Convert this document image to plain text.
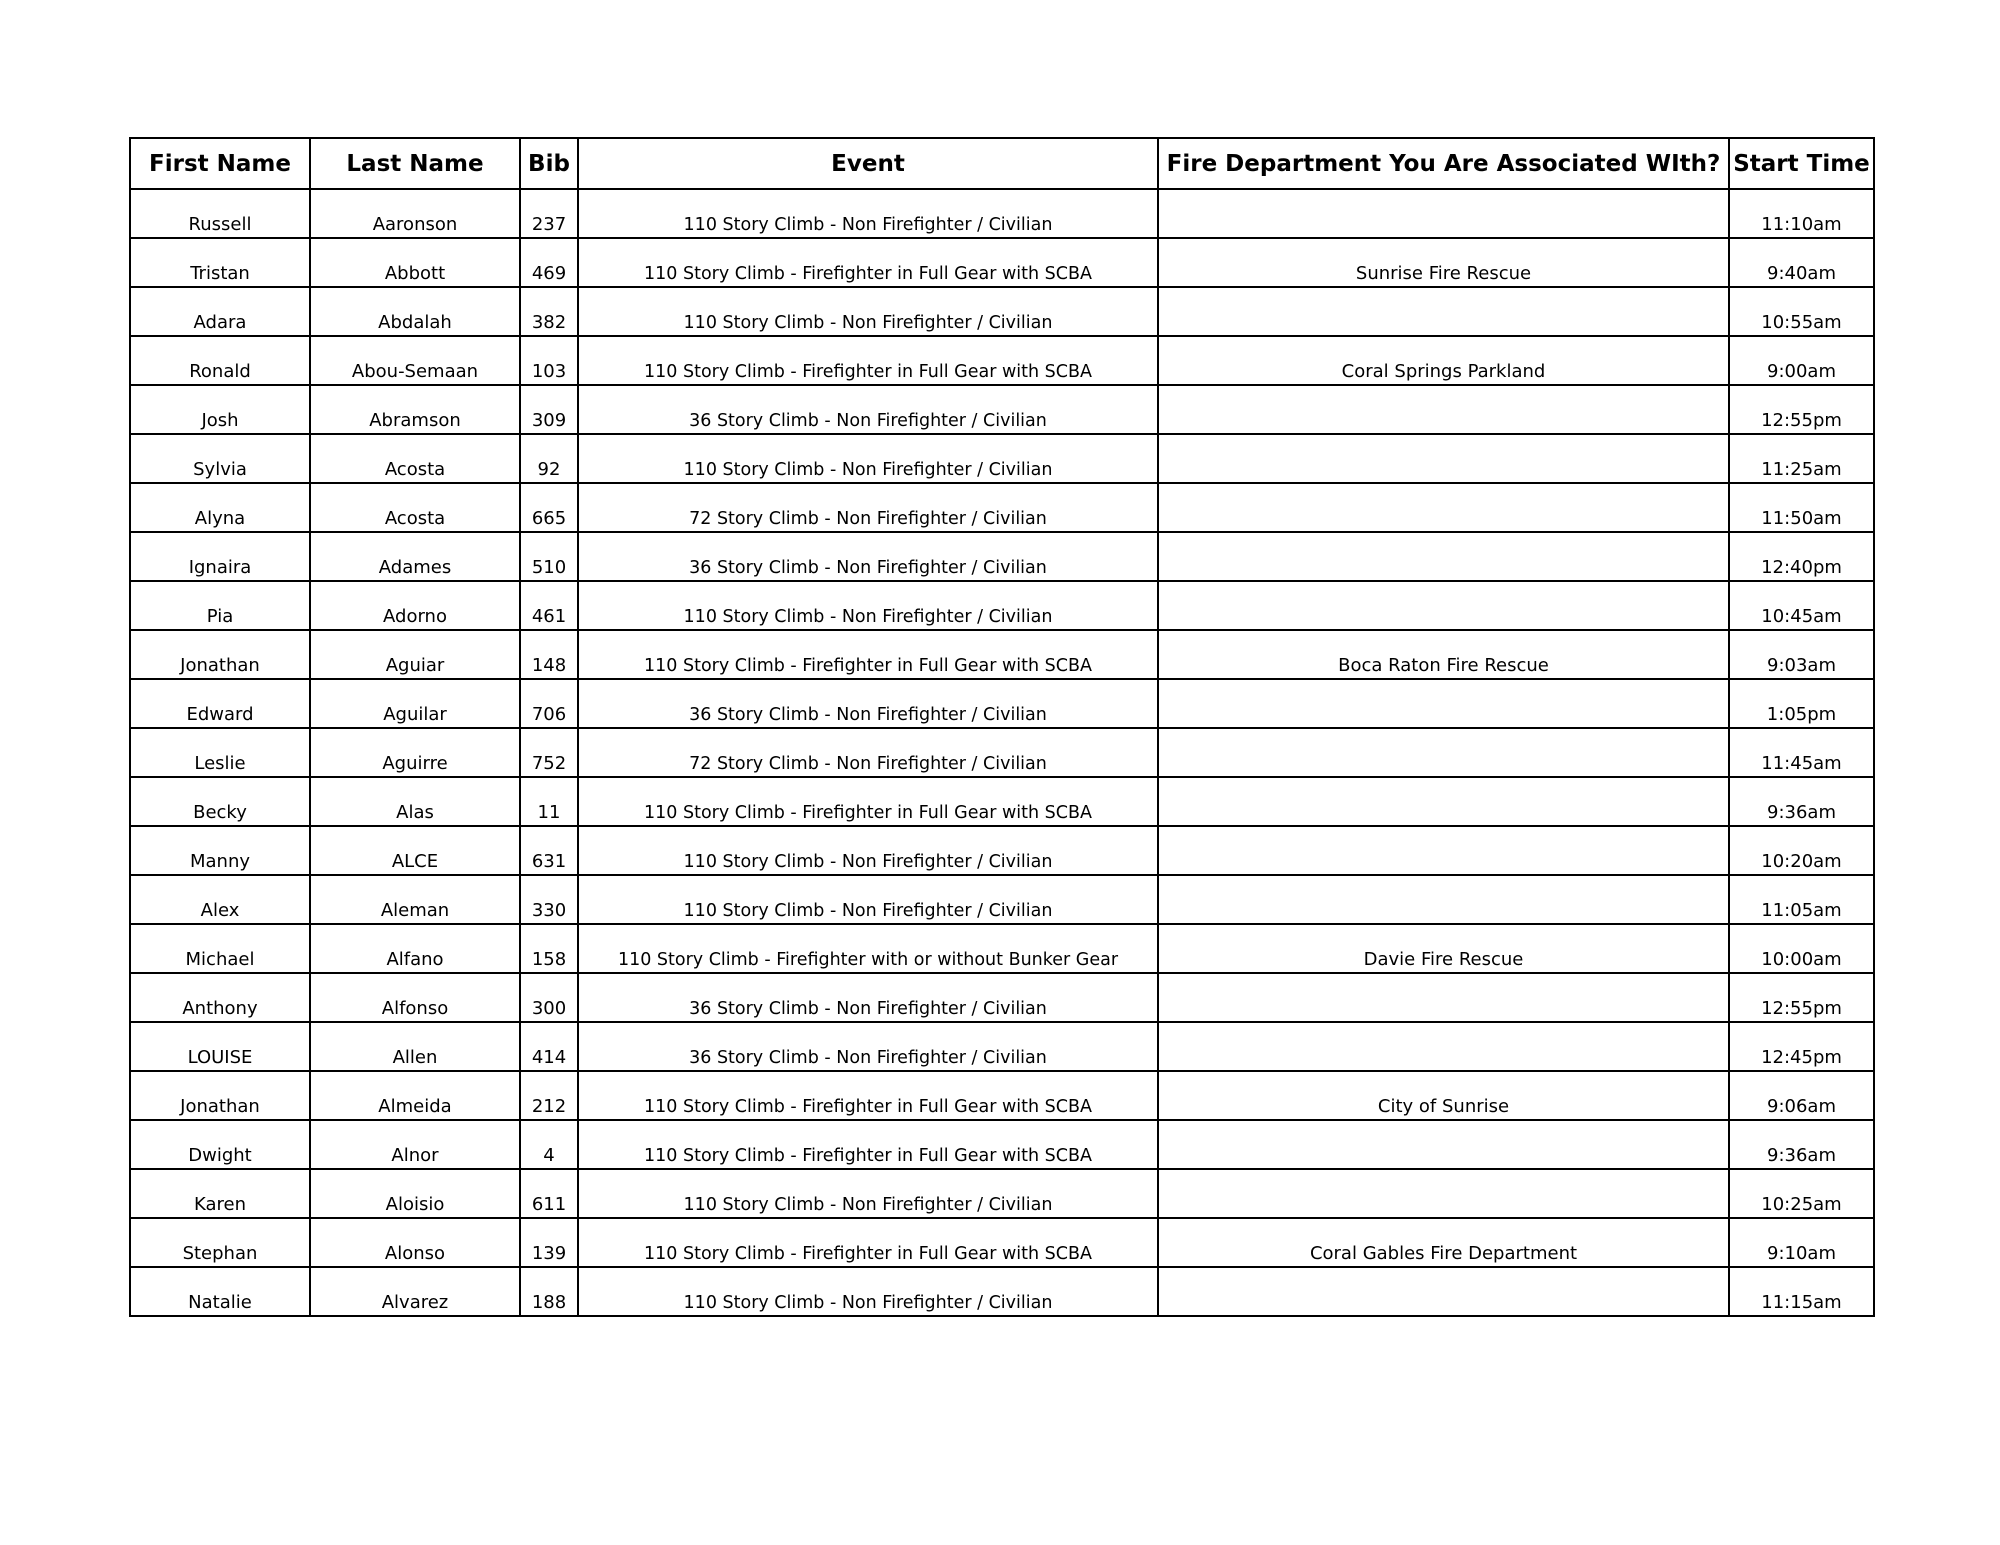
First Name	Last Name	Bib	Event	Fire Department You Are Associated WIth?	Start Time
Russell	Aaronson	237	110 Story Climb - Non Firefighter / Civilian		11:10am
Tristan	Abbott	469	110 Story Climb - Firefighter in Full Gear with SCBA	Sunrise Fire Rescue	9:40am
Adara	Abdalah	382	110 Story Climb - Non Firefighter / Civilian		10:55am
Ronald	Abou-Semaan	103	110 Story Climb - Firefighter in Full Gear with SCBA	Coral Springs Parkland	9:00am
Josh	Abramson	309	36 Story Climb - Non Firefighter / Civilian		12:55pm
Sylvia	Acosta	92	110 Story Climb - Non Firefighter / Civilian		11:25am
Alyna	Acosta	665	72 Story Climb - Non Firefighter / Civilian		11:50am
Ignaira	Adames	510	36 Story Climb - Non Firefighter / Civilian		12:40pm
Pia	Adorno	461	110 Story Climb - Non Firefighter / Civilian		10:45am
Jonathan	Aguiar	148	110 Story Climb - Firefighter in Full Gear with SCBA	Boca Raton Fire Rescue	9:03am
Edward	Aguilar	706	36 Story Climb - Non Firefighter / Civilian		1:05pm
Leslie	Aguirre	752	72 Story Climb - Non Firefighter / Civilian		11:45am
Becky	Alas	11	110 Story Climb - Firefighter in Full Gear with SCBA		9:36am
Manny	ALCE	631	110 Story Climb - Non Firefighter / Civilian		10:20am
Alex	Aleman	330	110 Story Climb - Non Firefighter / Civilian		11:05am
Michael	Alfano	158	110 Story Climb - Firefighter with or without Bunker Gear	Davie Fire Rescue	10:00am
Anthony	Alfonso	300	36 Story Climb - Non Firefighter / Civilian		12:55pm
LOUISE	Allen	414	36 Story Climb - Non Firefighter / Civilian		12:45pm
Jonathan	Almeida	212	110 Story Climb - Firefighter in Full Gear with SCBA	City of Sunrise	9:06am
Dwight	Alnor	4	110 Story Climb - Firefighter in Full Gear with SCBA		9:36am
Karen	Aloisio	611	110 Story Climb - Non Firefighter / Civilian		10:25am
Stephan	Alonso	139	110 Story Climb - Firefighter in Full Gear with SCBA	Coral Gables Fire Department	9:10am
Natalie	Alvarez	188	110 Story Climb - Non Firefighter / Civilian		11:15am
